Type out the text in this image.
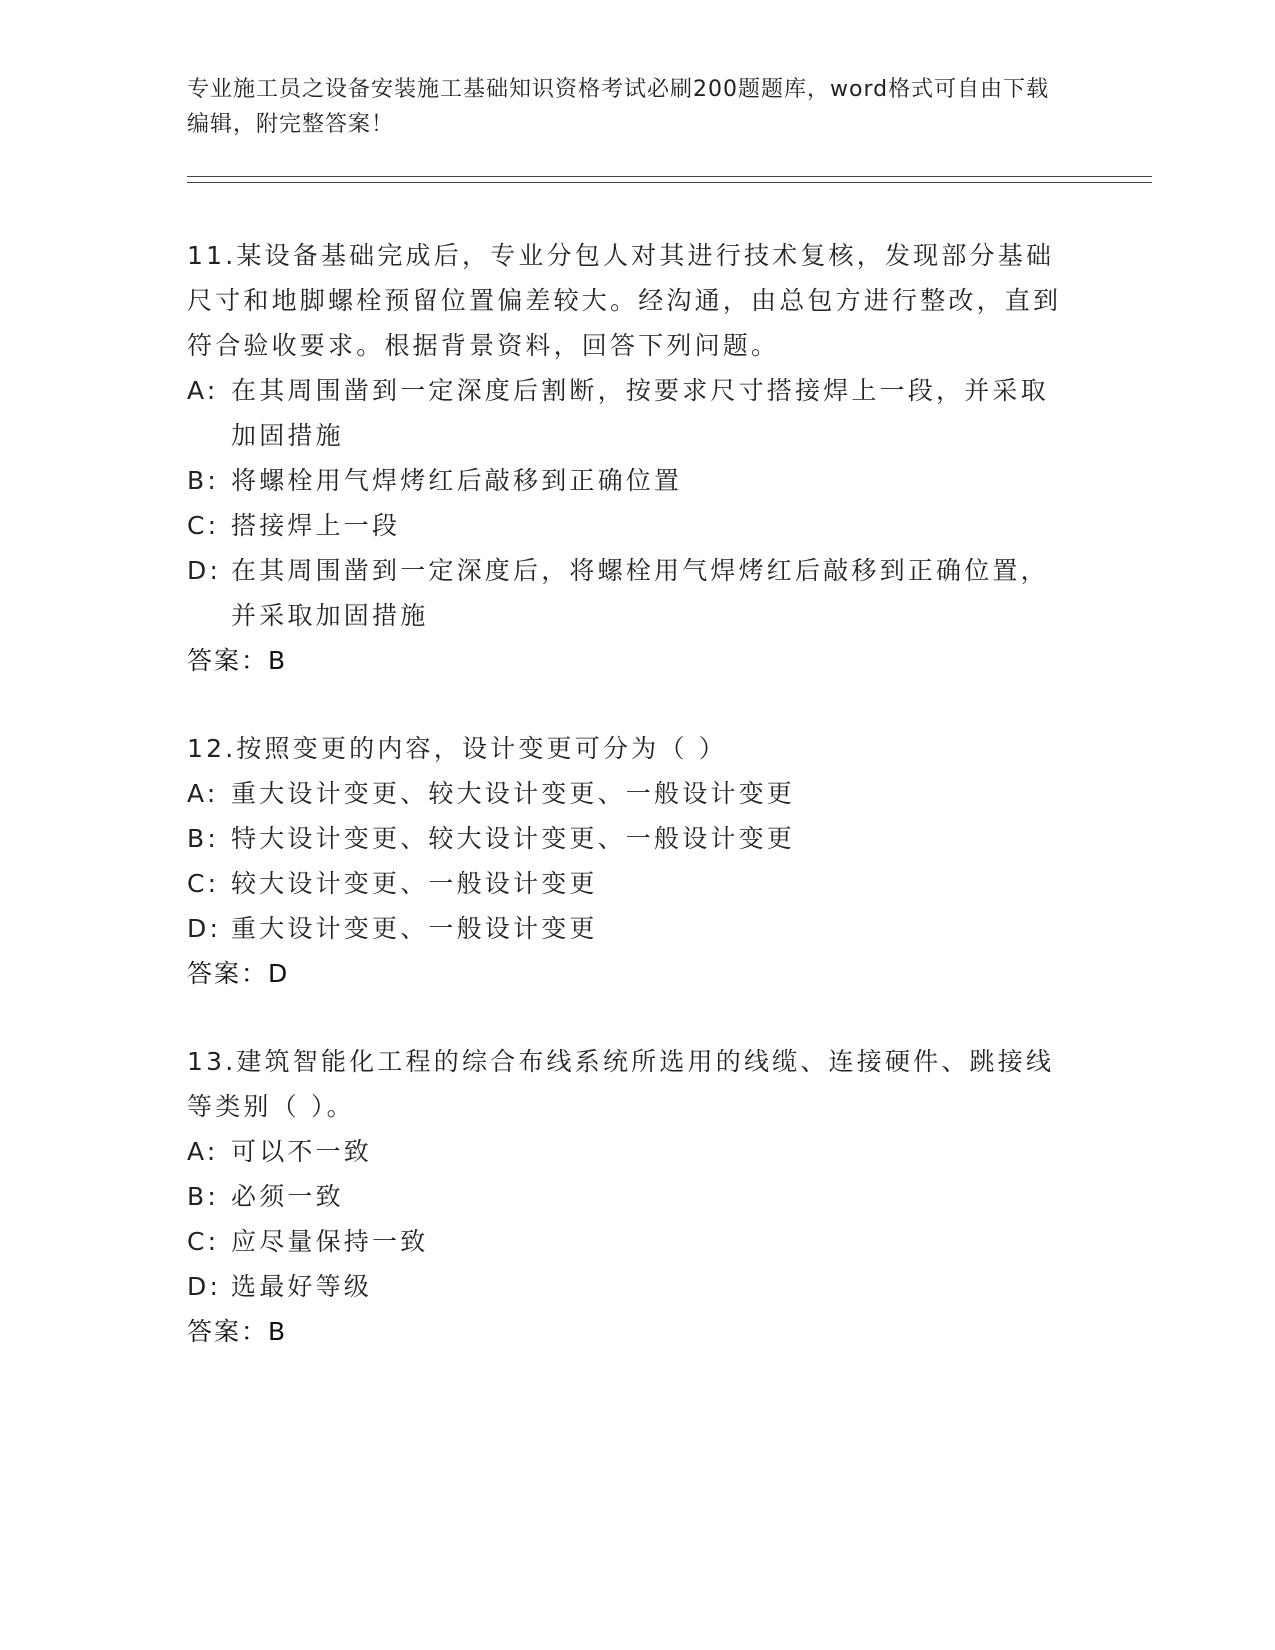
专业施工员之设备安装施工基础知识资格考试必刷200题题库，word格式可自由下载编辑，附完整答案！
11.某设备基础完成后，专业分包人对其进行技术复核，发现部分基础尺寸和地脚螺栓预留位置偏差较大。经沟通，由总包方进行整改，直到符合验收要求。根据背景资料，回答下列问题。
A: 在其周围凿到一定深度后割断，按要求尺寸搭接焊上一段，并采取加固措施
B: 将螺栓用气焊烤红后敲移到正确位置
C: 搭接焊上一段
D: 在其周围凿到一定深度后，将螺栓用气焊烤红后敲移到正确位置，并采取加固措施
答案：B
12.按照变更的内容，设计变更可分为（ ）
A: 重大设计变更、较大设计变更、一般设计变更
B: 特大设计变更、较大设计变更、一般设计变更
C: 较大设计变更、一般设计变更
D: 重大设计变更、一般设计变更
答案：D
13.建筑智能化工程的综合布线系统所选用的线缆、连接硬件、跳接线等类别（ ）。
A: 可以不一致
B: 必须一致
C: 应尽量保持一致
D: 选最好等级
答案：B
